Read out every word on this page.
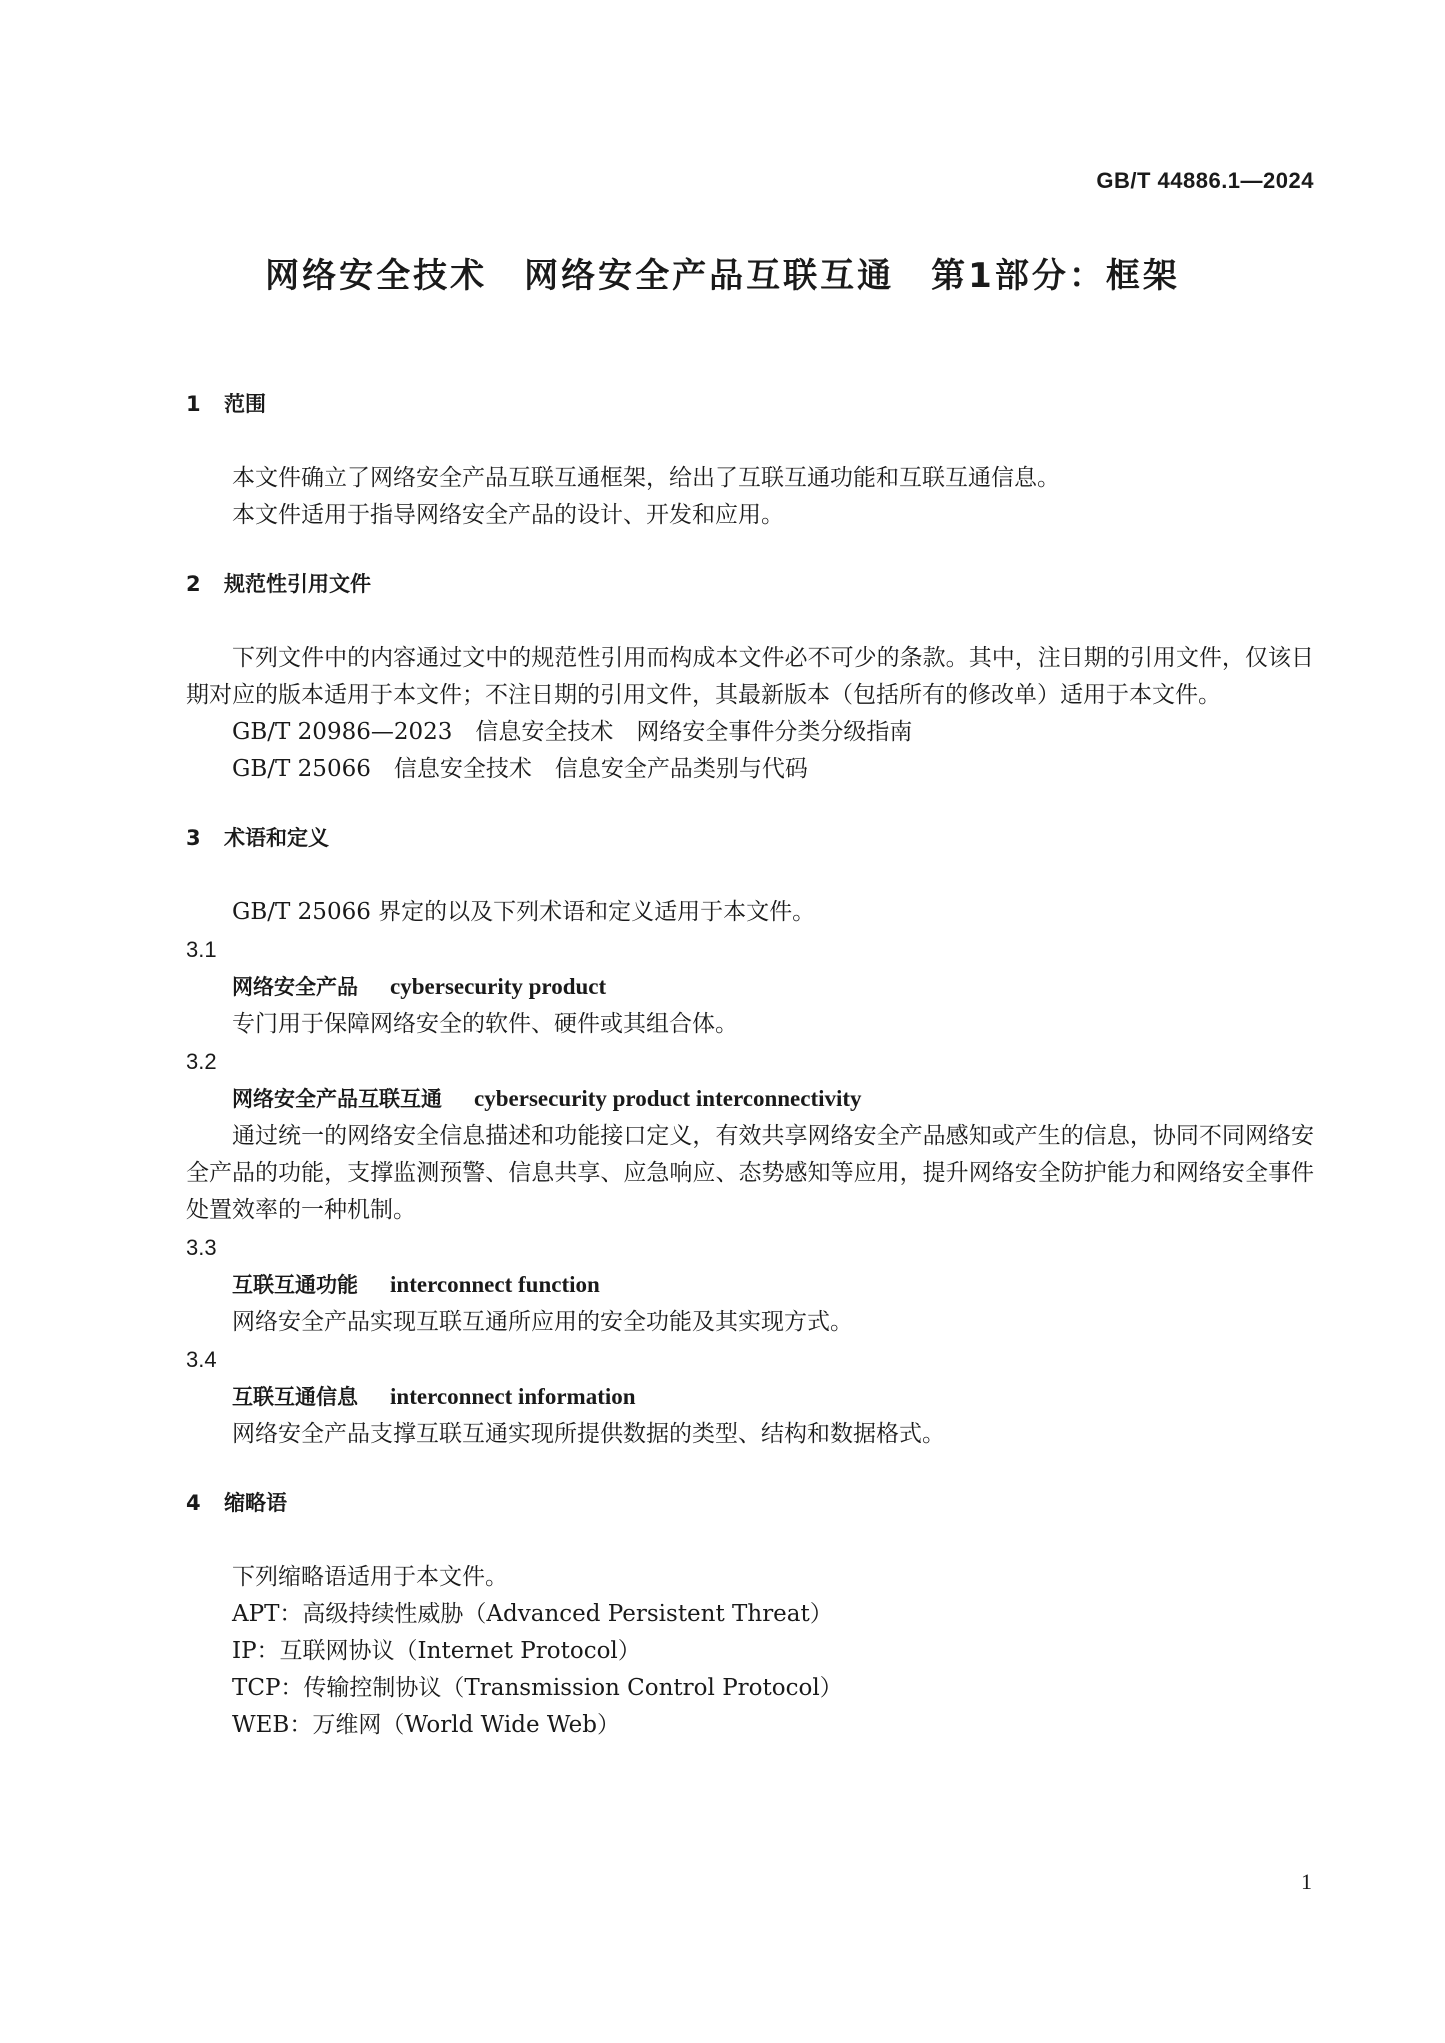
GB/T 44886.1—2024
网络安全技术　网络安全产品互联互通　第1部分：框架
1 范围

本文件确立了网络安全产品互联互通框架，给出了互联互通功能和互联互通信息。

本文件适用于指导网络安全产品的设计、开发和应用。

2 规范性引用文件

下列文件中的内容通过文中的规范性引用而构成本文件必不可少的条款。其中，注日期的引用文件，仅该日期对应的版本适用于本文件；不注日期的引用文件，其最新版本（包括所有的修改单）适用于本文件。

GB/T 20986—2023　信息安全技术　网络安全事件分类分级指南

GB/T 25066　信息安全技术　信息安全产品类别与代码

3 术语和定义

GB/T 25066 界定的以及下列术语和定义适用于本文件。

3.1

网络安全产品 cybersecurity product

专门用于保障网络安全的软件、硬件或其组合体。

3.2

网络安全产品互联互通 cybersecurity product interconnectivity

通过统一的网络安全信息描述和功能接口定义，有效共享网络安全产品感知或产生的信息，协同不同网络安全产品的功能，支撑监测预警、信息共享、应急响应、态势感知等应用，提升网络安全防护能力和网络安全事件处置效率的一种机制。

3.3

互联互通功能 interconnect function

网络安全产品实现互联互通所应用的安全功能及其实现方式。

3.4

互联互通信息 interconnect information

网络安全产品支撑互联互通实现所提供数据的类型、结构和数据格式。

4 缩略语

下列缩略语适用于本文件。

APT：高级持续性威胁（Advanced Persistent Threat）

IP：互联网协议（Internet Protocol）

TCP：传输控制协议（Transmission Control Protocol）

WEB：万维网（World Wide Web）

1
